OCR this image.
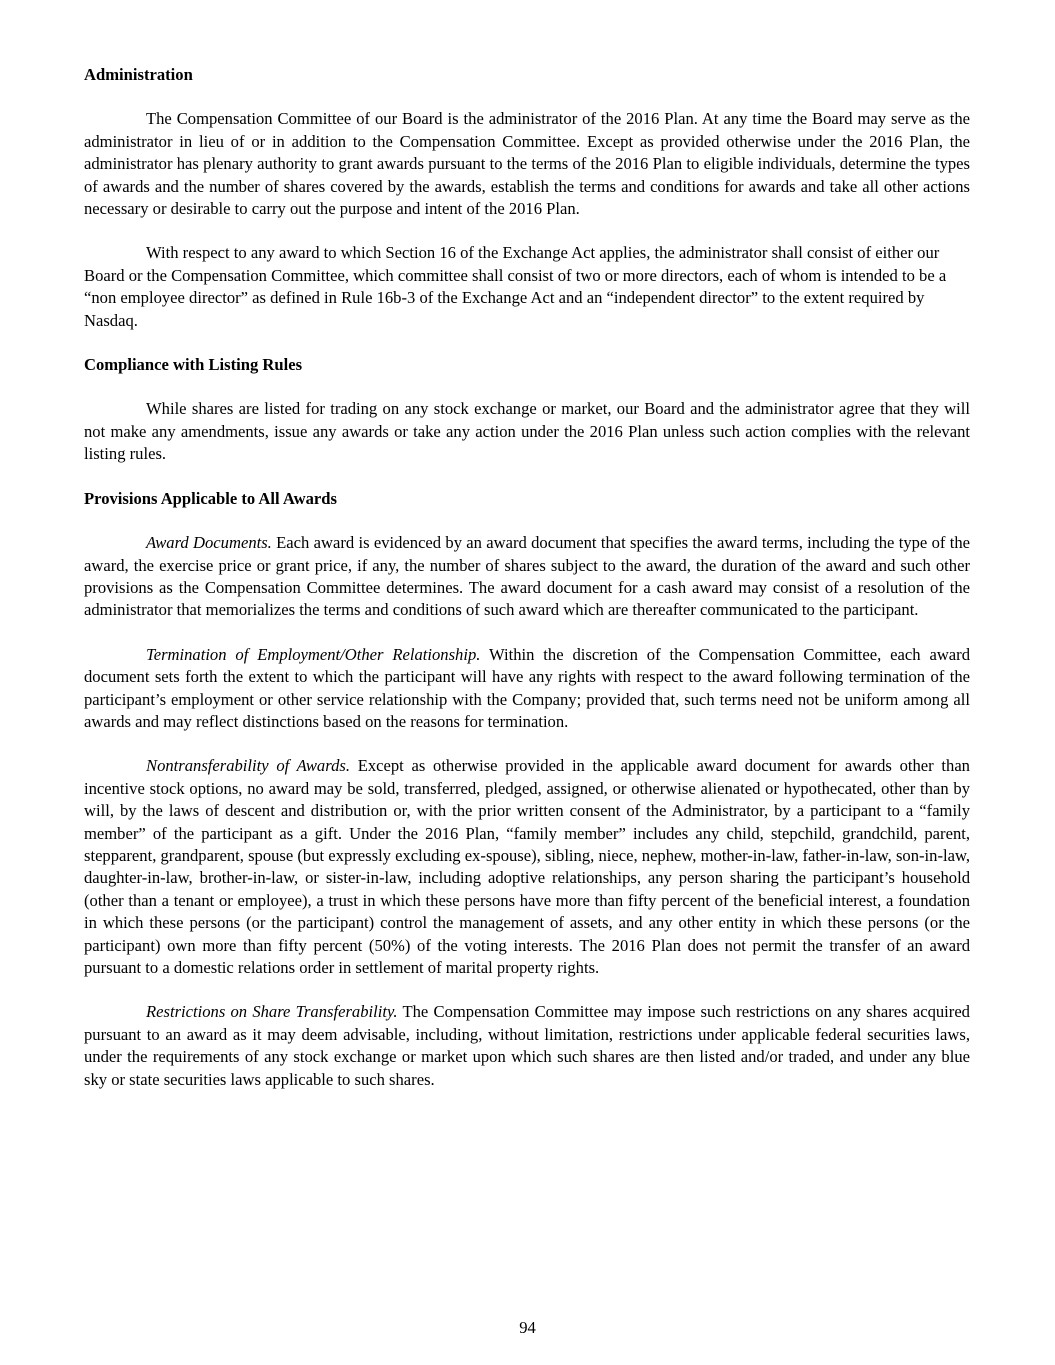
Administration

The Compensation Committee of our Board is the administrator of the 2016 Plan. At any time the Board may serve as the administrator in lieu of or in addition to the Compensation Committee. Except as provided otherwise under the 2016 Plan, the administrator has plenary authority to grant awards pursuant to the terms of the 2016 Plan to eligible individuals, determine the types of awards and the number of shares covered by the awards, establish the terms and conditions for awards and take all other actions necessary or desirable to carry out the purpose and intent of the 2016 Plan.

With respect to any award to which Section 16 of the Exchange Act applies, the administrator shall consist of either our Board or the Compensation Committee, which committee shall consist of two or more directors, each of whom is intended to be a “non employee director” as defined in Rule 16b-3 of the Exchange Act and an “independent director” to the extent required by Nasdaq.

Compliance with Listing Rules

While shares are listed for trading on any stock exchange or market, our Board and the administrator agree that they will not make any amendments, issue any awards or take any action under the 2016 Plan unless such action complies with the relevant listing rules.

Provisions Applicable to All Awards

Award Documents. Each award is evidenced by an award document that specifies the award terms, including the type of the award, the exercise price or grant price, if any, the number of shares subject to the award, the duration of the award and such other provisions as the Compensation Committee determines. The award document for a cash award may consist of a resolution of the administrator that memorializes the terms and conditions of such award which are thereafter communicated to the participant.

Termination of Employment/Other Relationship. Within the discretion of the Compensation Committee, each award document sets forth the extent to which the participant will have any rights with respect to the award following termination of the participant’s employment or other service relationship with the Company; provided that, such terms need not be uniform among all awards and may reflect distinctions based on the reasons for termination.

Nontransferability of Awards. Except as otherwise provided in the applicable award document for awards other than incentive stock options, no award may be sold, transferred, pledged, assigned, or otherwise alienated or hypothecated, other than by will, by the laws of descent and distribution or, with the prior written consent of the Administrator, by a participant to a “family member” of the participant as a gift. Under the 2016 Plan, “family member” includes any child, stepchild, grandchild, parent, stepparent, grandparent, spouse (but expressly excluding ex-spouse), sibling, niece, nephew, mother-in-law, father-in-law, son-in-law, daughter-in-law, brother-in-law, or sister-in-law, including adoptive relationships, any person sharing the participant’s household (other than a tenant or employee), a trust in which these persons have more than fifty percent of the beneficial interest, a foundation in which these persons (or the participant) control the management of assets, and any other entity in which these persons (or the participant) own more than fifty percent (50%) of the voting interests. The 2016 Plan does not permit the transfer of an award pursuant to a domestic relations order in settlement of marital property rights.

Restrictions on Share Transferability. The Compensation Committee may impose such restrictions on any shares acquired pursuant to an award as it may deem advisable, including, without limitation, restrictions under applicable federal securities laws, under the requirements of any stock exchange or market upon which such shares are then listed and/or traded, and under any blue sky or state securities laws applicable to such shares.

94
